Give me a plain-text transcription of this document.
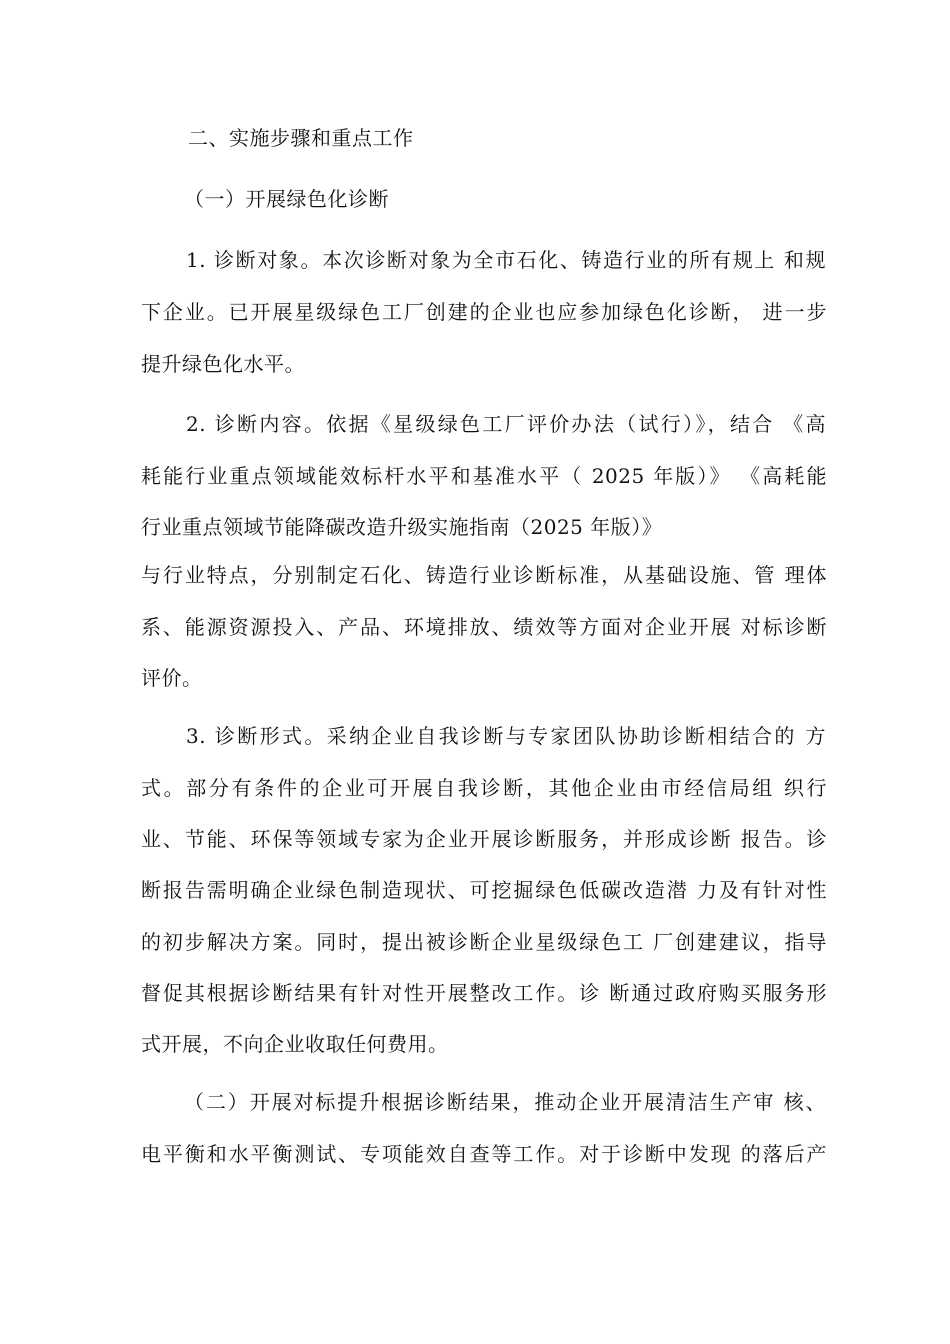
二、实施步骤和重点工作
（一）开展绿色化诊断
1. 诊断对象。本次诊断对象为全市石化、铸造行业的所有规上 和规
下企业。已开展星级绿色工厂创建的企业也应参加绿色化诊断， 进一步
提升绿色化水平。
2. 诊断内容。依据《星级绿色工厂评价办法（试行）》，结合 《高
耗能行业重点领域能效标杆水平和基准水平（ 2025 年版）》 《高耗能
行业重点领域节能降碳改造升级实施指南（2025 年版）》
与行业特点，分别制定石化、铸造行业诊断标准，从基础设施、管 理体
系、能源资源投入、产品、环境排放、绩效等方面对企业开展 对标诊断
评价。
3. 诊断形式。采纳企业自我诊断与专家团队协助诊断相结合的 方
式。部分有条件的企业可开展自我诊断，其他企业由市经信局组 织行
业、节能、环保等领域专家为企业开展诊断服务，并形成诊断 报告。诊
断报告需明确企业绿色制造现状、可挖掘绿色低碳改造潜 力及有针对性
的初步解决方案。同时，提出被诊断企业星级绿色工 厂创建建议，指导
督促其根据诊断结果有针对性开展整改工作。诊 断通过政府购买服务形
式开展，不向企业收取任何费用。
（二）开展对标提升根据诊断结果，推动企业开展清洁生产审 核、
电平衡和水平衡测试、专项能效自查等工作。对于诊断中发现 的落后产
